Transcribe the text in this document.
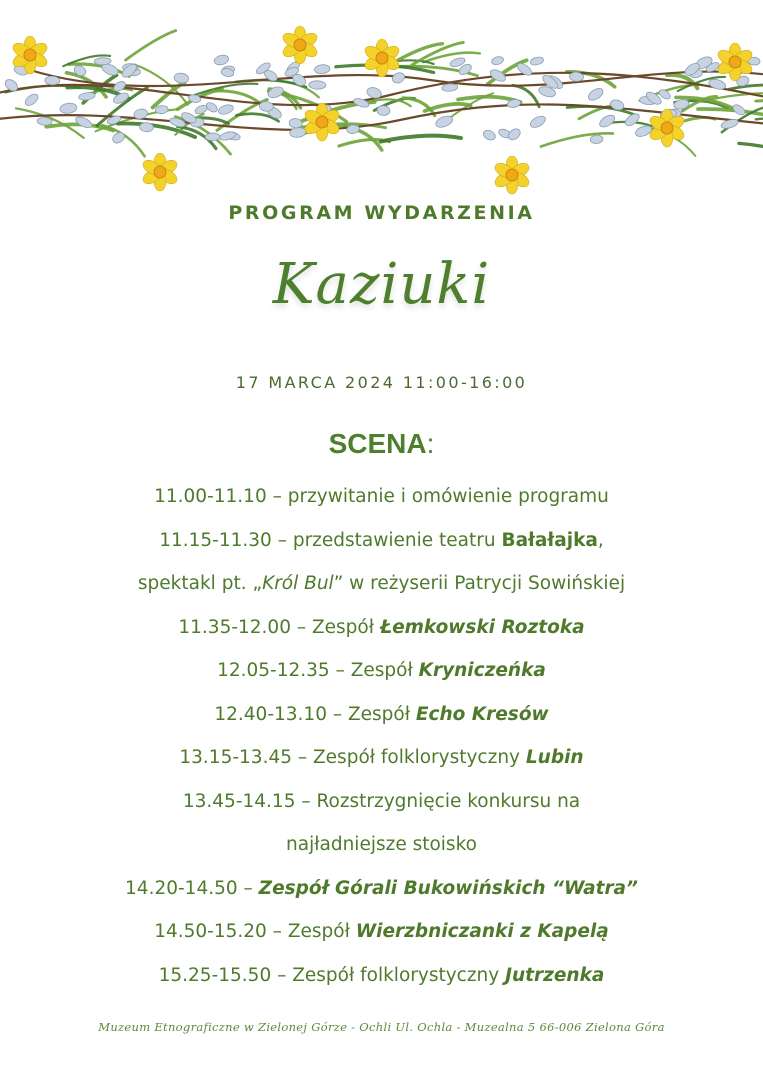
PROGRAM WYDARZENIA
Kaziuki
17 MARCA 2024 11:00-16:00
SCENA:
11.00-11.10 – przywitanie i omówienie programu
11.15-11.30 – przedstawienie teatru Bałałajka,
spektakl pt. „Król Bul” w reżyserii Patrycji Sowińskiej
11.35-12.00 – Zespół Łemkowski Roztoka
12.05-12.35 – Zespół Kryniczeńka
12.40-13.10 – Zespół Echo Kresów
13.15-13.45 – Zespół folklorystyczny Lubin
13.45-14.15 – Rozstrzygnięcie konkursu na
najładniejsze stoisko
14.20-14.50 – Zespół Górali Bukowińskich “Watra”
14.50-15.20 – Zespół Wierzbniczanki z Kapelą
15.25-15.50 – Zespół folklorystyczny Jutrzenka
Muzeum Etnograficzne w Zielonej Górze - Ochli Ul. Ochla - Muzealna 5 66-006 Zielona Góra
